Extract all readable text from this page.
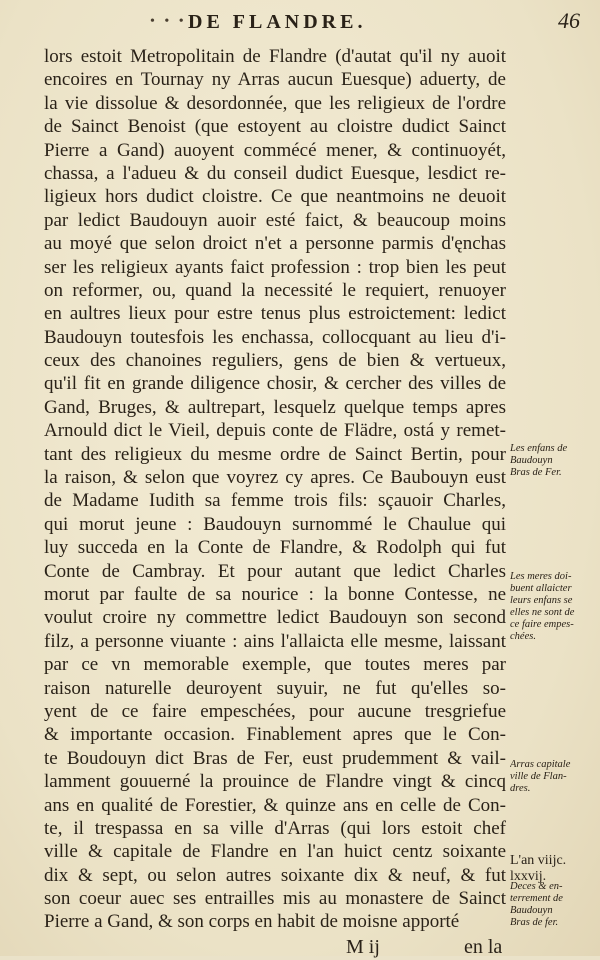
• • • DE FLANDRE.	46
lors estoit Metropolitain de Flandre (d'autat qu'il ny auoit
encoires en Tournay ny Arras aucun Euesque) aduerty, de
la vie dissolue & desordonnée, que les religieux de l'ordre
de Sainct Benoist (que estoyent au cloistre dudict Sainct
Pierre a Gand) auoyent commécé mener, & continuoyét,
chassa, a l'adueu & du conseil dudict Euesque, lesdict re-
ligieux hors dudict cloistre. Ce que neantmoins ne deuoit
par ledict Baudouyn auoir esté faict, & beaucoup moins
au moyé que selon droict n'et a personne parmis d'ęnchas
ser les religieux ayants faict profession : trop bien les peut
on reformer, ou, quand la necessité le requiert, renuoyer
en aultres lieux pour estre tenus plus estroictement: ledict
Baudouyn toutesfois les enchassa, collocquant au lieu d'i-
ceux des chanoines reguliers, gens de bien & vertueux,
qu'il fit en grande diligence chosir, & cercher des villes de
Gand, Bruges, & aultrepart, lesquelz quelque temps apres
Arnould dict le Vieil, depuis conte de Flädre, ostá y remet-
tant des religieux du mesme ordre de Sainct Bertin, pour
la raison, & selon que voyrez cy apres. Ce Baubouyn eust
de Madame Iudith sa femme trois fils: sçauoir Charles,
qui morut jeune : Baudouyn surnommé le Chaulue qui
luy succeda en la Conte de Flandre, & Rodolph qui fut
Conte de Cambray. Et pour autant que ledict Charles
morut par faulte de sa nourice : la bonne Contesse, ne
voulut croire ny commettre ledict Baudouyn son second
filz, a personne viuante : ains l'allaicta elle mesme, laissant
par ce vn memorable exemple, que toutes meres par
raison naturelle deuroyent suyuir, ne fut qu'elles so-
yent de ce faire empeschées, pour aucune tresgriefue
& importante occasion. Finablement apres que le Con-
te Boudouyn dict Bras de Fer, eust prudemment & vail-
lamment gouuerné la prouince de Flandre vingt & cincq
ans en qualité de Forestier, & quinze ans en celle de Con-
te, il trespassa en sa ville d'Arras (qui lors estoit chef
ville & capitale de Flandre en l'an huict centz soixante
dix & sept, ou selon autres soixante dix & neuf, & fut
son coeur auec ses entrailles mis au monastere de Sainct
Pierre a Gand, & son corps en habit de moisne apporté
M ij	en la
Les enfans de
Baudouyn
Bras de Fer.
Les meres doi-
buent allaicter
leurs enfans se
elles ne sont de
ce faire empes-
chées.
Arras capitale
ville de Flan-
dres.
L'an viijc.
lxxvij.
Deces & en-
terrement de
Baudouyn
Bras de fer.
